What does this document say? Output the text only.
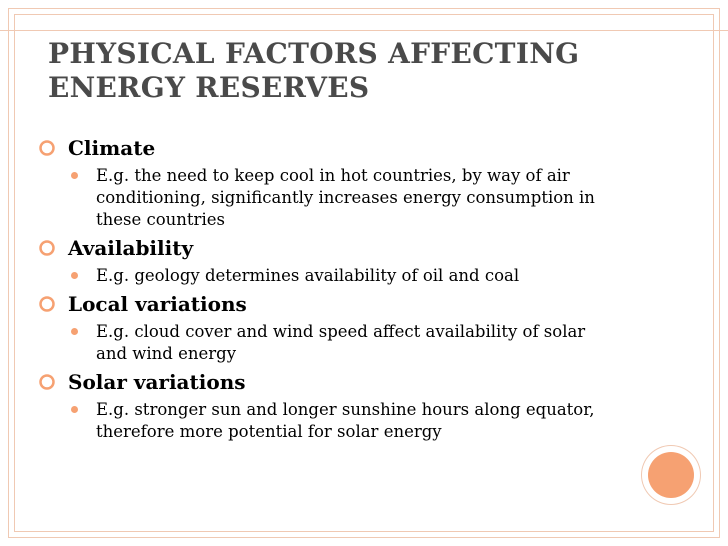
PHYSICAL FACTORS AFFECTING ENERGY RESERVES
Climate
E.g. the need to keep cool in hot countries, by way of air conditioning, significantly increases energy consumption in these countries
Availability
E.g. geology determines availability of oil and coal
Local variations
E.g. cloud cover and wind speed affect availability of solar and wind energy
Solar variations
E.g. stronger sun and longer sunshine hours along equator, therefore more potential for solar energy
